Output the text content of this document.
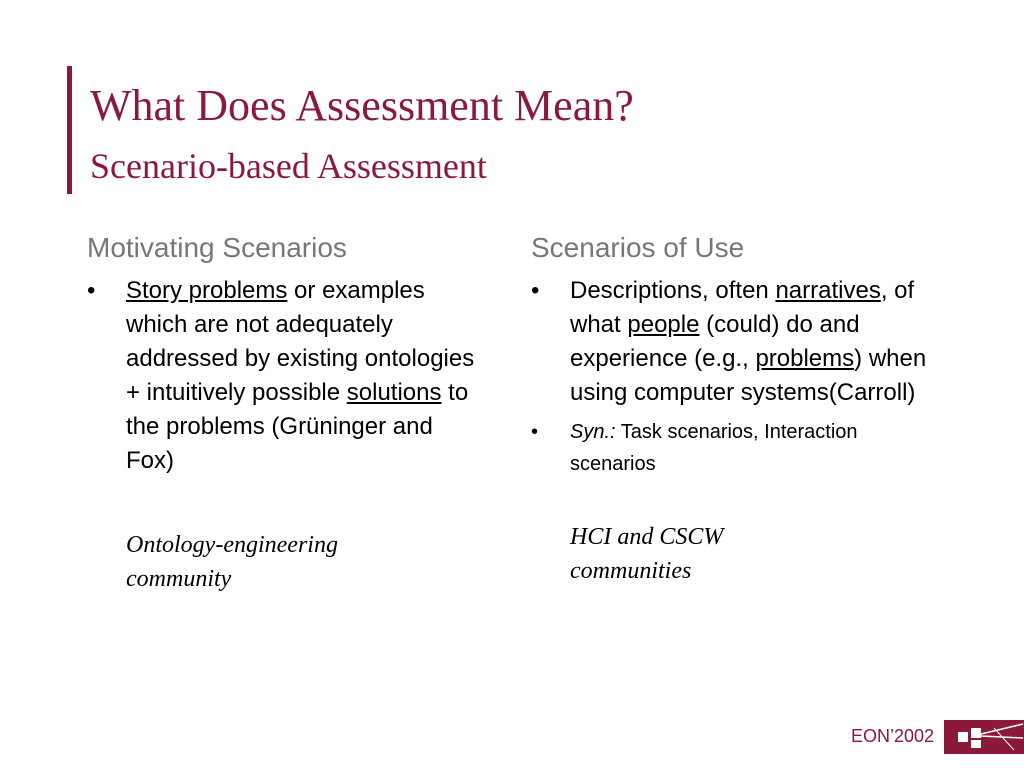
What Does Assessment Mean?
Scenario-based Assessment
Motivating Scenarios
•	Story problems or examples which are not adequately addressed by existing ontologies + intuitively possible solutions to the problems (Grüninger and Fox)

Ontology-engineering community

Scenarios of Use
•	Descriptions, often narratives, of what people (could) do and experience (e.g., problems) when using computer systems(Carroll)
•	Syn.: Task scenarios, Interaction scenarios

HCI and CSCW communities

EON’2002
